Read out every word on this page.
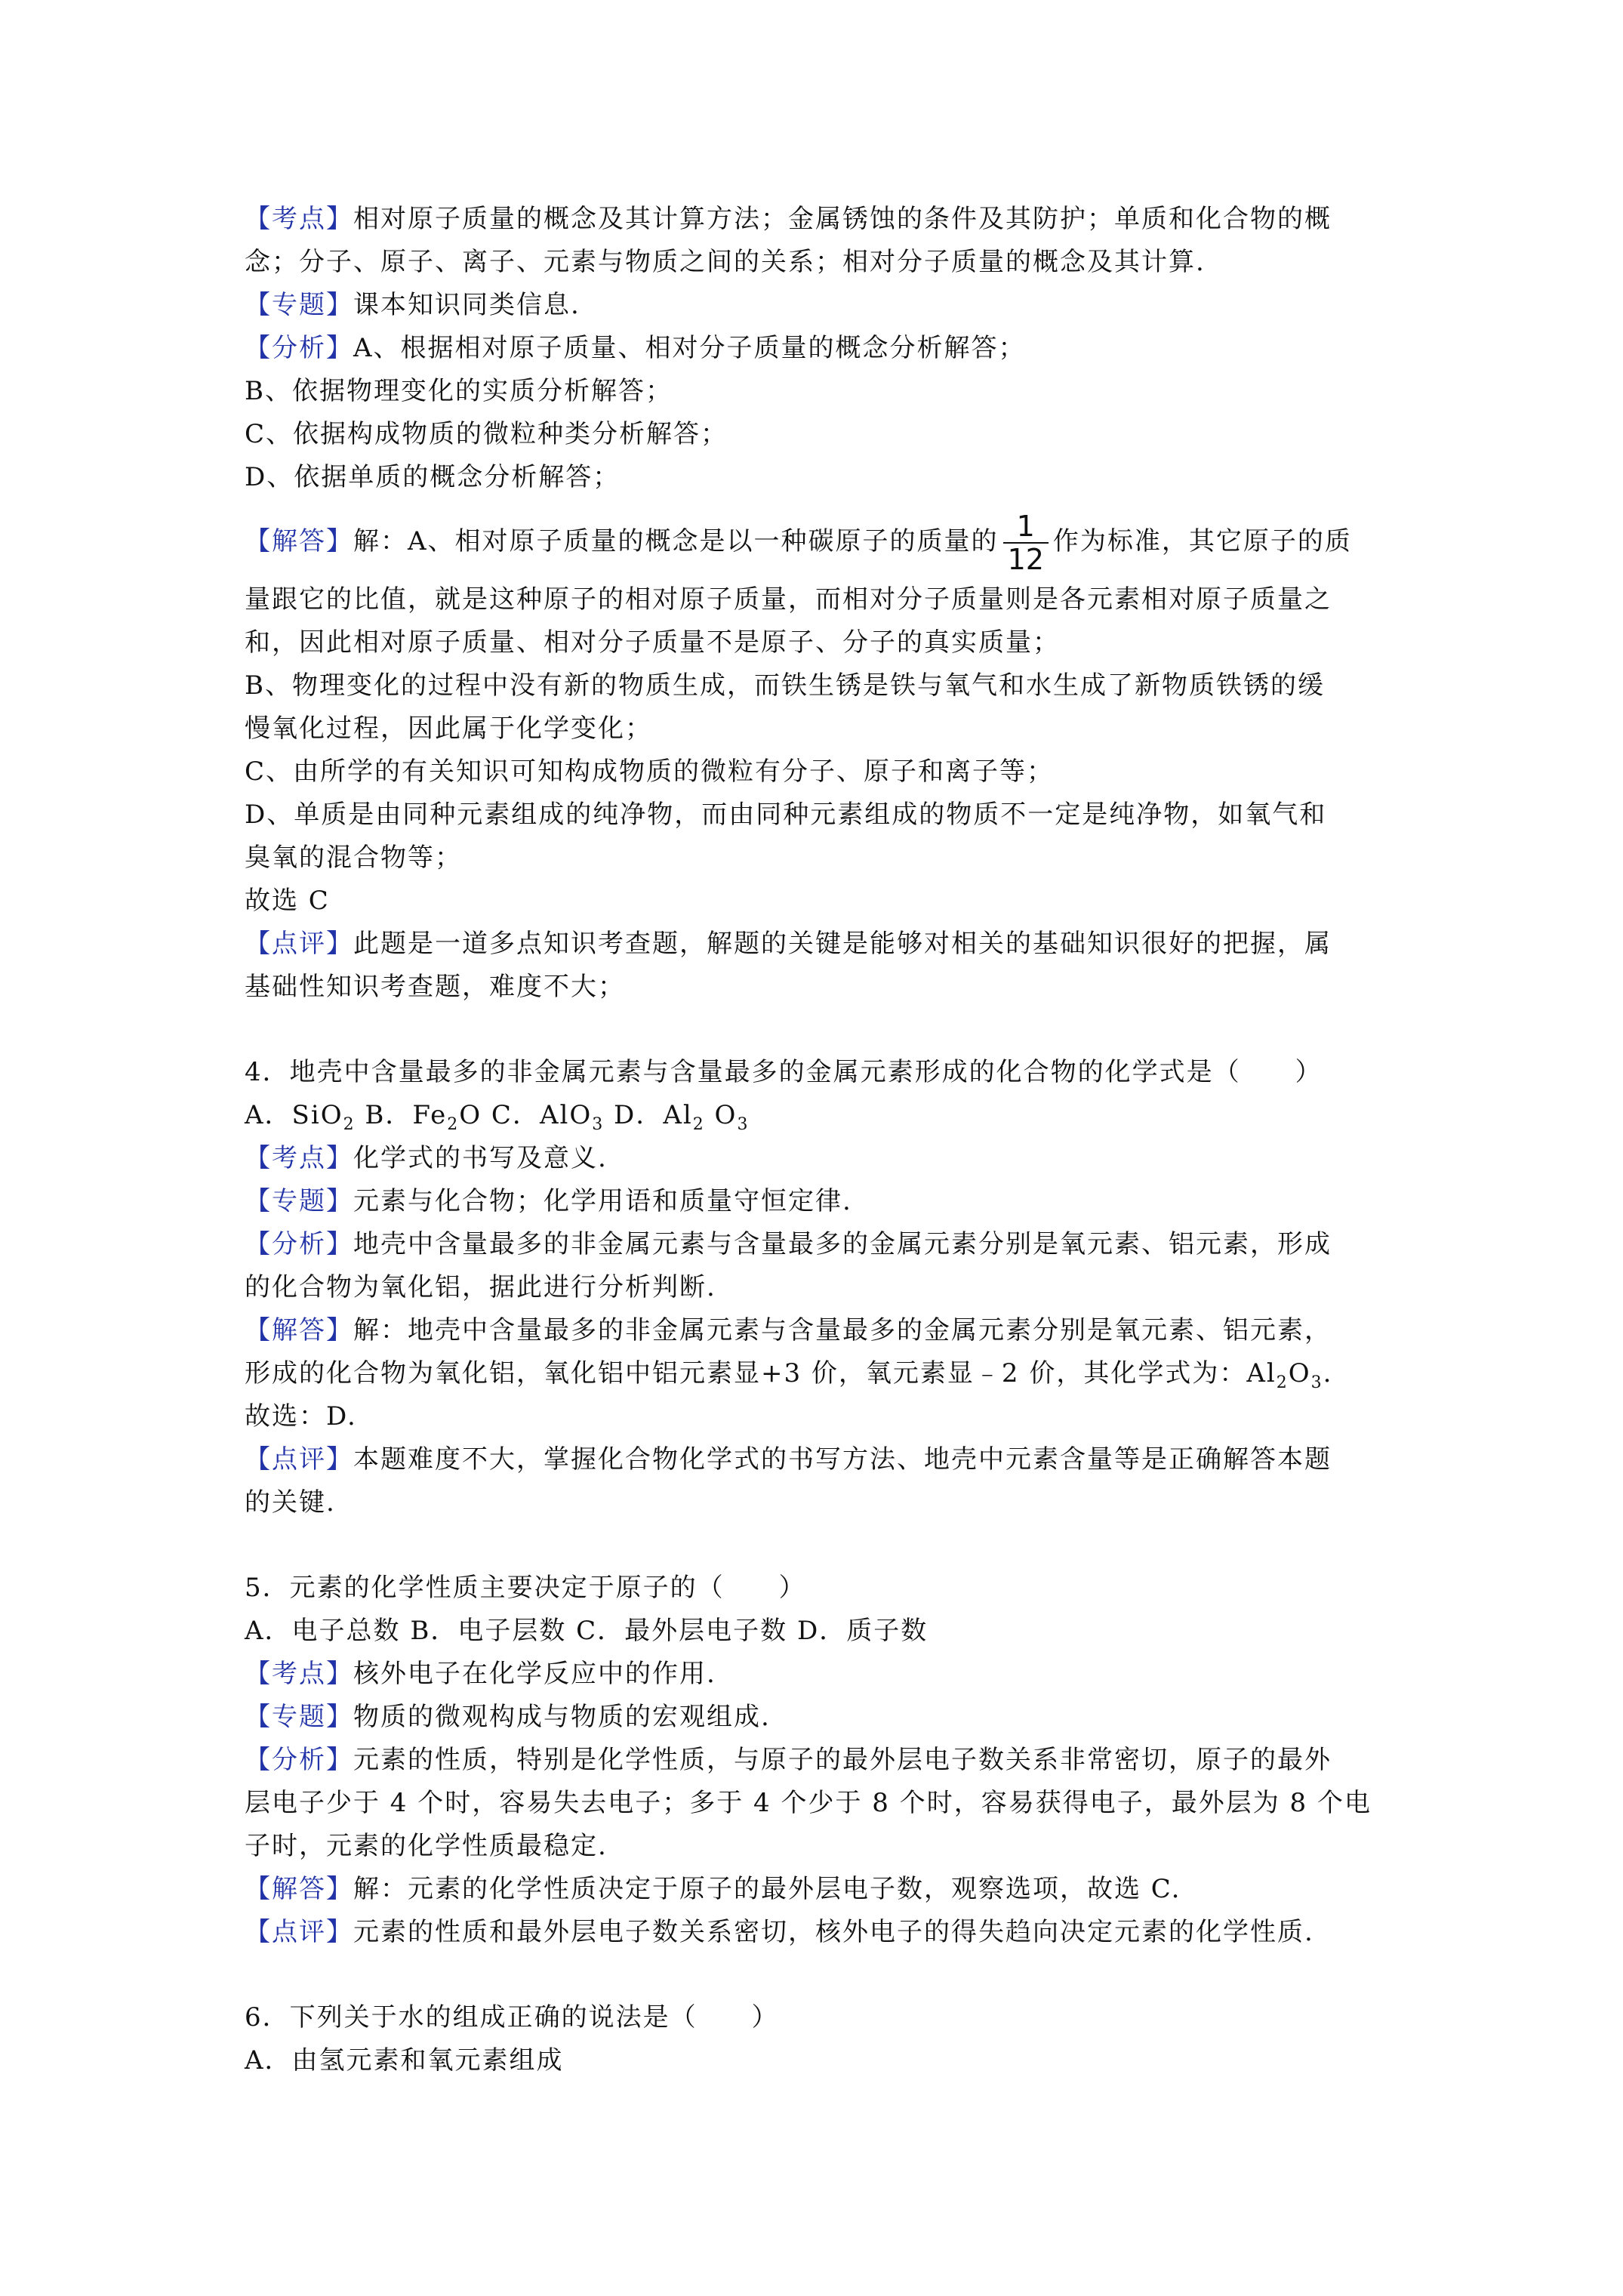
【考点】相对原子质量的概念及其计算方法；金属锈蚀的条件及其防护；单质和化合物的概

念；分子、原子、离子、元素与物质之间的关系；相对分子质量的概念及其计算.

【专题】课本知识同类信息.

【分析】A、根据相对原子质量、相对分子质量的概念分析解答；

B、依据物理变化的实质分析解答；

C、依据构成物质的微粒种类分析解答；

D、依据单质的概念分析解答；

【解答】解：A、相对原子质量的概念是以一种碳原子的质量的 $\frac{1}{12}$ 作为标准，其它原子的质

量跟它的比值，就是这种原子的相对原子质量，而相对分子质量则是各元素相对原子质量之

和，因此相对原子质量、相对分子质量不是原子、分子的真实质量；

B、物理变化的过程中没有新的物质生成，而铁生锈是铁与氧气和水生成了新物质铁锈的缓

慢氧化过程，因此属于化学变化；

C、由所学的有关知识可知构成物质的微粒有分子、原子和离子等；

D、单质是由同种元素组成的纯净物，而由同种元素组成的物质不一定是纯净物，如氧气和

臭氧的混合物等；

故选 C

【点评】此题是一道多点知识考查题，解题的关键是能够对相关的基础知识很好的把握，属

基础性知识考查题，难度不大；

4．地壳中含量最多的非金属元素与含量最多的金属元素形成的化合物的化学式是（　　）

A．SiO$_2$ B．$Fe_2O$ C．AlO$_3$ D．$Al_2$ $O_3$

【考点】化学式的书写及意义.

【专题】元素与化合物；化学用语和质量守恒定律.

【分析】地壳中含量最多的非金属元素与含量最多的金属元素分别是氧元素、铝元素，形成

的化合物为氧化铝，据此进行分析判断.

【解答】解：地壳中含量最多的非金属元素与含量最多的金属元素分别是氧元素、铝元素，

形成的化合物为氧化铝，氧化铝中铝元素显+3 价，氧元素显﹣2 价，其化学式为：$Al_2O_3$.

故选：D.

【点评】本题难度不大，掌握化合物化学式的书写方法、地壳中元素含量等是正确解答本题

的关键.

5．元素的化学性质主要决定于原子的（　　）

A．电子总数 B．电子层数 C．最外层电子数 D．质子数

【考点】核外电子在化学反应中的作用.

【专题】物质的微观构成与物质的宏观组成.

【分析】元素的性质，特别是化学性质，与原子的最外层电子数关系非常密切，原子的最外

层电子少于 4 个时，容易失去电子；多于 4 个少于 8 个时，容易获得电子，最外层为 8 个电

子时，元素的化学性质最稳定.

【解答】解：元素的化学性质决定于原子的最外层电子数，观察选项，故选 C.

【点评】元素的性质和最外层电子数关系密切，核外电子的得失趋向决定元素的化学性质.

6．下列关于水的组成正确的说法是（　　）

A．由氢元素和氧元素组成
